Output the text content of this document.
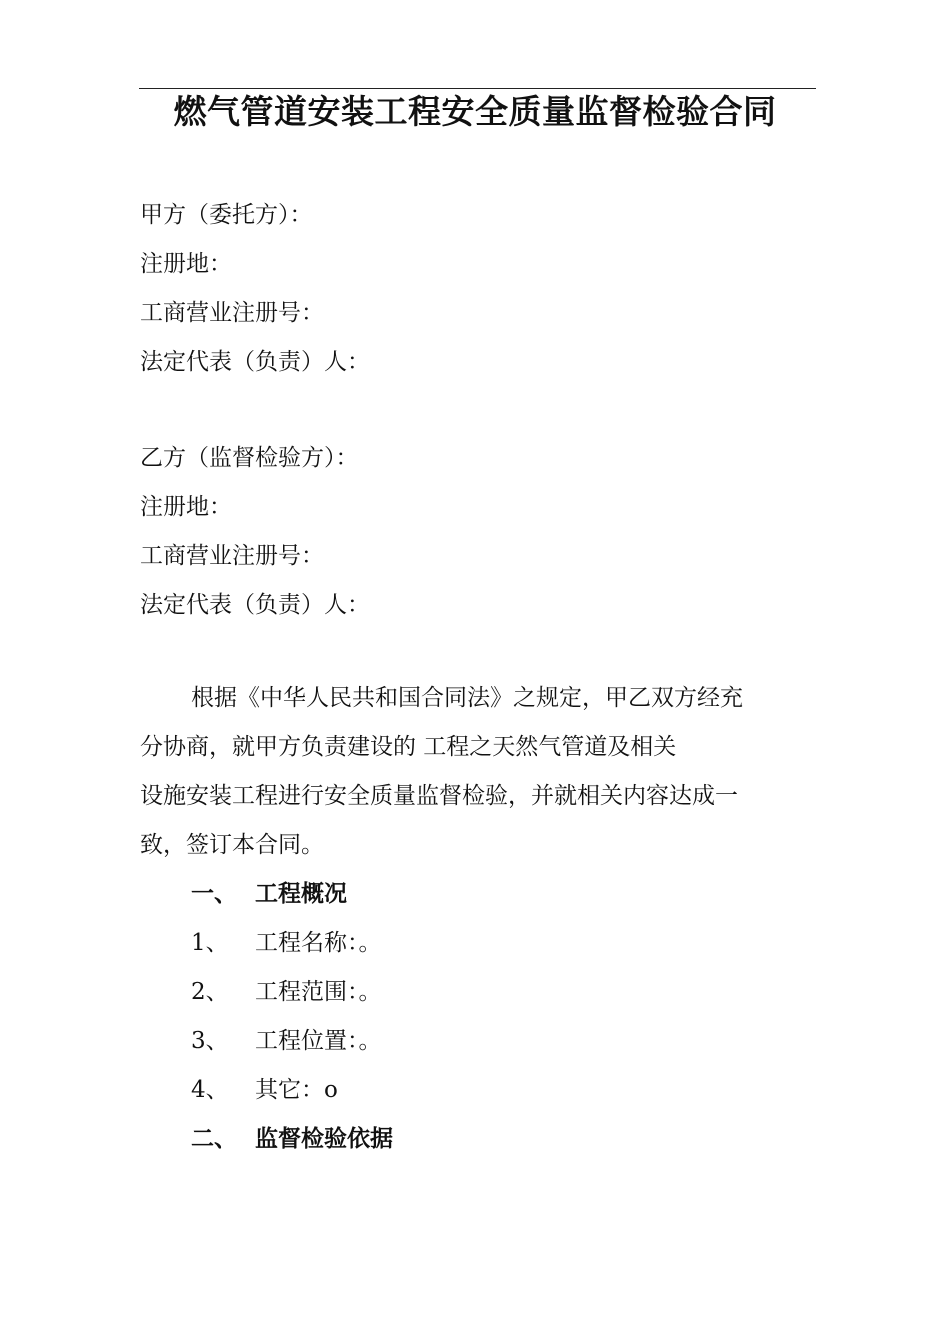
燃气管道安装工程安全质量监督检验合同
甲方（委托方）：
注册地：
工商营业注册号：
法定代表（负责）人：
乙方（监督检验方）：
注册地：
工商营业注册号：
法定代表（负责）人：
根据《中华人民共和国合同法》之规定，甲乙双方经充
分协商，就甲方负责建设的 工程之天然气管道及相关
设施安装工程进行安全质量监督检验，并就相关内容达成一
致，签订本合同。
一、 工程概况
1、 工程名称：。
2、 工程范围：。
3、 工程位置：。
4、 其它：o
二、 监督检验依据
